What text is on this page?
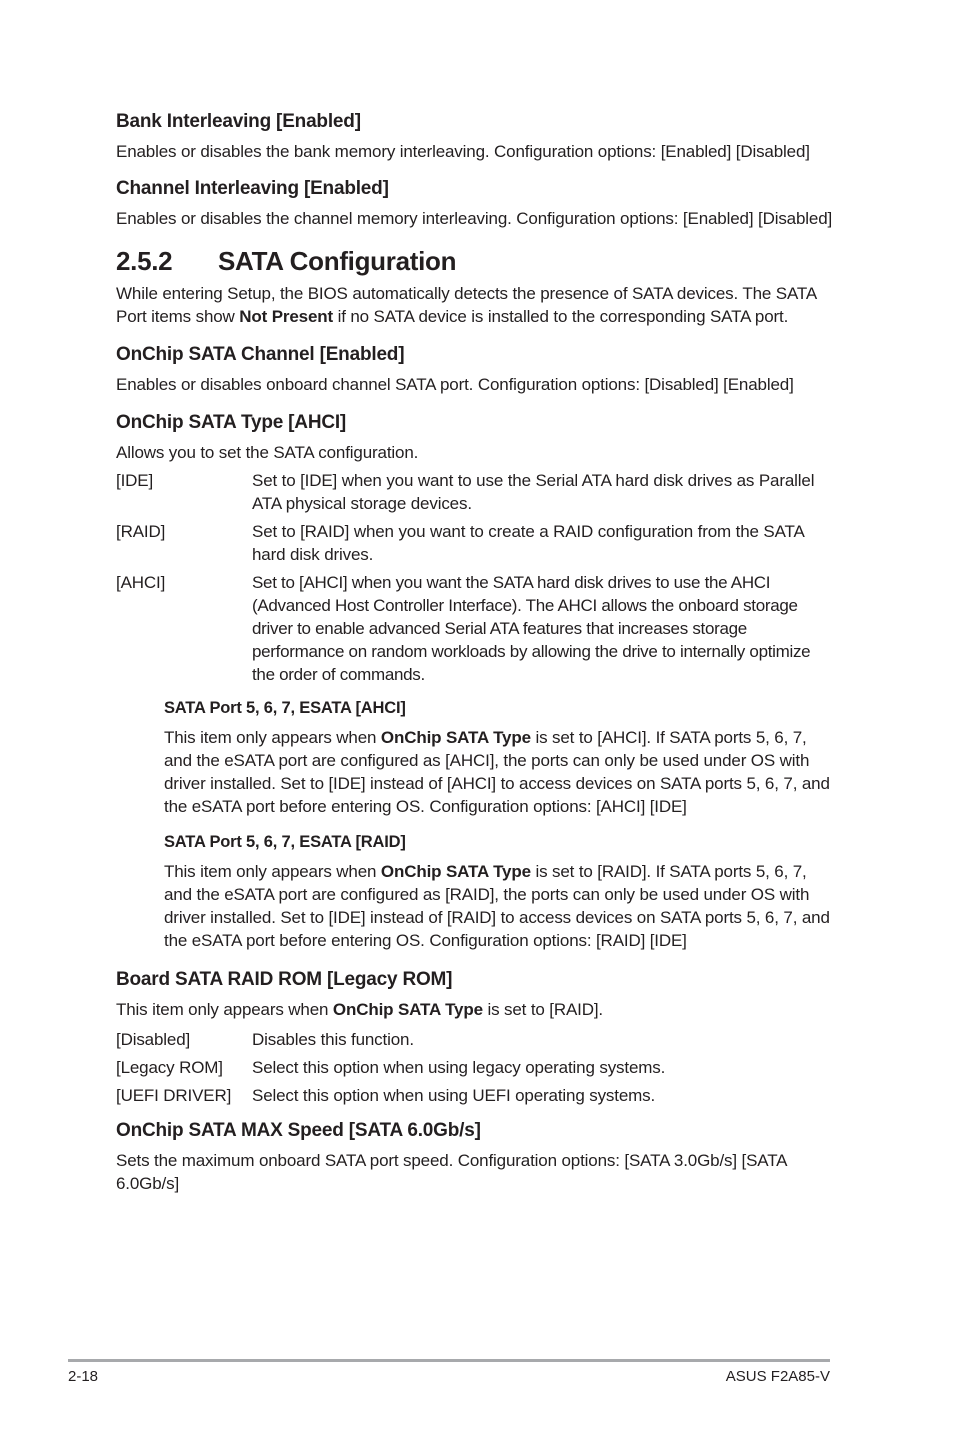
Bank Interleaving [Enabled]

Enables or disables the bank memory interleaving. Configuration options: [Enabled] [Disabled]

Channel Interleaving [Enabled]

Enables or disables the channel memory interleaving. Configuration options: [Enabled] [Disabled]

2.5.2	SATA Configuration

While entering Setup, the BIOS automatically detects the presence of SATA devices. The SATA Port items show Not Present if no SATA device is installed to the corresponding SATA port.

OnChip SATA Channel [Enabled]

Enables or disables onboard channel SATA port. Configuration options: [Disabled] [Enabled]

OnChip SATA Type [AHCI]

Allows you to set the SATA configuration.

[IDE]	Set to [IDE] when you want to use the Serial ATA hard disk drives as Parallel ATA physical storage devices.
[RAID]	Set to [RAID] when you want to create a RAID configuration from the SATA hard disk drives.
[AHCI]	Set to [AHCI] when you want the SATA hard disk drives to use the AHCI (Advanced Host Controller Interface). The AHCI allows the onboard storage driver to enable advanced Serial ATA features that increases storage performance on random workloads by allowing the drive to internally optimize the order of commands.
SATA Port 5, 6, 7, ESATA [AHCI]

This item only appears when OnChip SATA Type is set to [AHCI]. If SATA ports 5, 6, 7, and the eSATA port are configured as [AHCI], the ports can only be used under OS with driver installed. Set to [IDE] instead of [AHCI] to access devices on SATA ports 5, 6, 7, and the eSATA port before entering OS. Configuration options: [AHCI] [IDE]

SATA Port 5, 6, 7, ESATA [RAID]

This item only appears when OnChip SATA Type is set to [RAID]. If SATA ports 5, 6, 7, and the eSATA port are configured as [RAID], the ports can only be used under OS with driver installed. Set to [IDE] instead of [RAID] to access devices on SATA ports 5, 6, 7, and the eSATA port before entering OS. Configuration options: [RAID] [IDE]

Board SATA RAID ROM [Legacy ROM]

This item only appears when OnChip SATA Type is set to [RAID].

[Disabled]	Disables this function.
[Legacy ROM]	Select this option when using legacy operating systems.
[UEFI DRIVER]	Select this option when using UEFI operating systems.
OnChip SATA MAX Speed [SATA 6.0Gb/s]

Sets the maximum onboard SATA port speed. Configuration options: [SATA 3.0Gb/s] [SATA 6.0Gb/s]

2-18	ASUS F2A85-V
